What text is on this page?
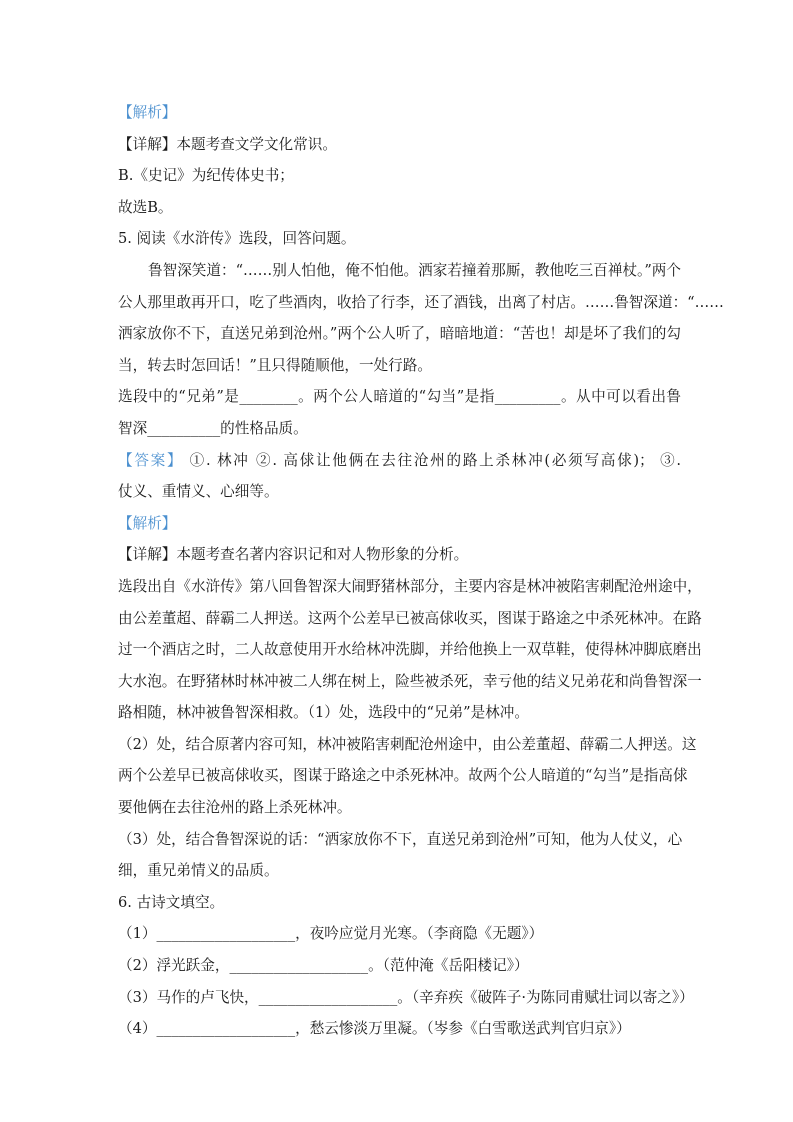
【解析】
【详解】本题考查文学文化常识。
B.《史记》为纪传体史书；
故选B。
5. 阅读《水浒传》选段，回答问题。
鲁智深笑道：“……别人怕他，俺不怕他。洒家若撞着那厮，教他吃三百禅杖。”两个
公人那里敢再开口，吃了些酒肉，收拾了行李，还了酒钱，出离了村店。……鲁智深道：“……
洒家放你不下，直送兄弟到沧州。”两个公人听了，暗暗地道：“苦也！却是坏了我们的勾
当，转去时怎回话！”且只得随顺他，一处行路。
选段中的“兄弟”是________。两个公人暗道的“勾当”是指_________。从中可以看出鲁
智深__________的性格品质。
【答案】 ①. 林冲 ②. 高俅让他俩在去往沧州的路上杀林冲(必须写高俅)； ③.
仗义、重情义、心细等。
【解析】
【详解】本题考查名著内容识记和对人物形象的分析。
选段出自《水浒传》第八回鲁智深大闹野猪林部分，主要内容是林冲被陷害刺配沧州途中，
由公差董超、薛霸二人押送。这两个公差早已被高俅收买，图谋于路途之中杀死林冲。在路
过一个酒店之时，二人故意使用开水给林冲洗脚，并给他换上一双草鞋，使得林冲脚底磨出
大水泡。在野猪林时林冲被二人绑在树上，险些被杀死，幸亏他的结义兄弟花和尚鲁智深一
路相随，林冲被鲁智深相救。（1）处，选段中的“兄弟”是林冲。
（2）处，结合原著内容可知，林冲被陷害刺配沧州途中，由公差董超、薛霸二人押送。这
两个公差早已被高俅收买，图谋于路途之中杀死林冲。故两个公人暗道的“勾当”是指高俅
要他俩在去往沧州的路上杀死林冲。
（3）处，结合鲁智深说的话：“洒家放你不下，直送兄弟到沧州”可知，他为人仗义，心
细，重兄弟情义的品质。
6. 古诗文填空。
（1）___________________，夜吟应觉月光寒。（李商隐《无题》）
（2）浮光跃金，___________________。（范仲淹《岳阳楼记》）
（3）马作的卢飞快，___________________。（辛弃疾《破阵子·为陈同甫赋壮词以寄之》）
（4）___________________，愁云惨淡万里凝。（岑参《白雪歌送武判官归京》）
